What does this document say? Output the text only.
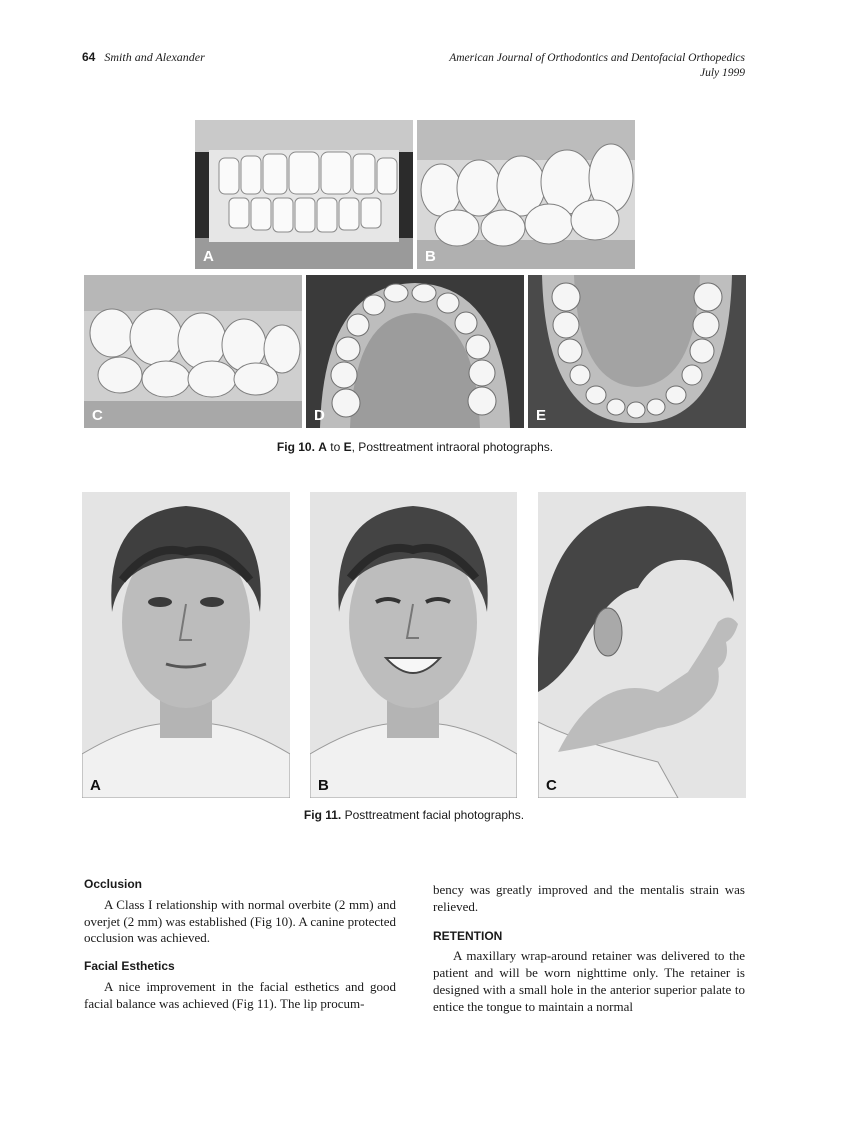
64 Smith and Alexander	American Journal of Orthodontics and Dentofacial Orthopedics
July 1999
A	B
C	D	E
Fig 10. A to E, Posttreatment intraoral photographs.
A	B	C
Fig 11. Posttreatment facial photographs.
Occlusion

A Class I relationship with normal overbite (2 mm) and overjet (2 mm) was established (Fig 10). A canine protected occlusion was achieved.

Facial Esthetics

A nice improvement in the facial esthetics and good facial balance was achieved (Fig 11). The lip procum-

bency was greatly improved and the mentalis strain was relieved.

RETENTION

A maxillary wrap-around retainer was delivered to the patient and will be worn nighttime only. The retainer is designed with a small hole in the anterior superior palate to entice the tongue to maintain a normal
